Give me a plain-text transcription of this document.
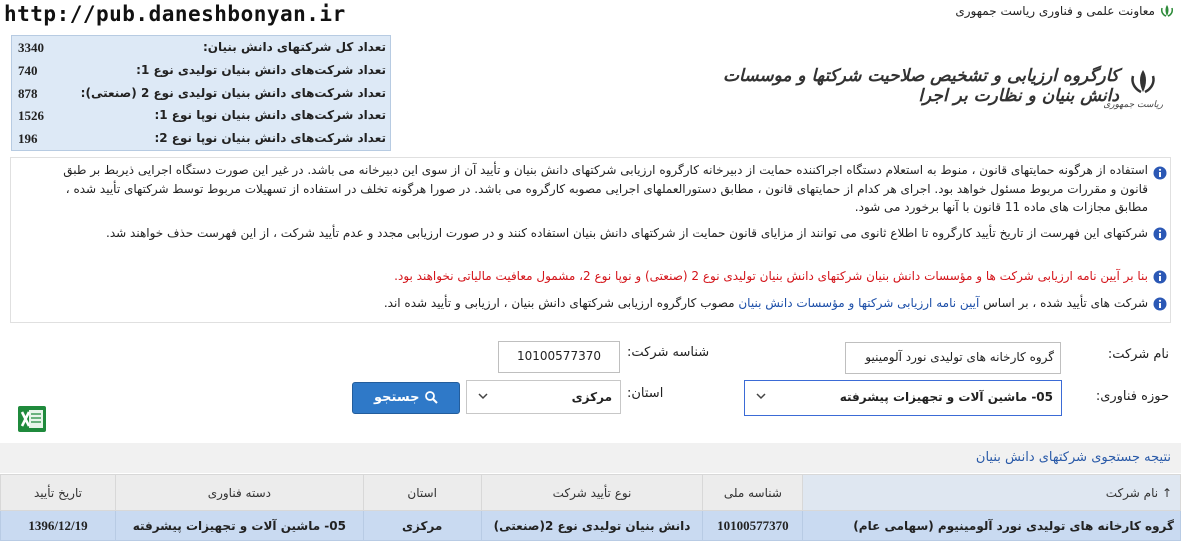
http://pub.daneshbonyan.ir	معاونت علمی و فناوری ریاست جمهوری
تعداد کل شرکتهای دانش بنیان:
3340
تعداد شرکت‌های دانش بنیان تولیدی نوع 1:
740
تعداد شرکت‌های دانش بنیان تولیدی نوع 2 (صنعتی):
878
تعداد شرکت‌های دانش بنیان نوپا نوع 1:
1526
تعداد شرکت‌های دانش بنیان نوپا نوع 2:
196
کارگروه ارزیابی و تشخیص صلاحیت شرکتها و موسسات دانش بنیان و نظارت بر اجرا
ریاست جمهوری
استفاده از هرگونه حمایتهای قانون ، منوط به استعلام دستگاه اجراکننده حمایت از دبیرخانه کارگروه ارزیابی شرکتهای دانش بنیان و تأیید آن از سوی این دبیرخانه می باشد. در غیر این صورت دستگاه اجرایی ذیربط بر طبق قانون و مقررات مربوط مسئول خواهد بود. اجرای هر کدام از حمایتهای قانون ، مطابق دستورالعملهای اجرایی مصوبه کارگروه می باشد. در صورا هرگونه تخلف در استفاده از تسهیلات مربوط توسط شرکتهای تأیید شده ، مطابق مجازات های ماده 11 قانون با آنها برخورد می شود.
شرکتهای این فهرست از تاریخ تأیید کارگروه تا اطلاع ثانوی می توانند از مزایای قانون حمایت از شرکتهای دانش بنیان استفاده کنند و در صورت ارزیابی مجدد و عدم تأیید شرکت ، از این فهرست حذف خواهند شد.
بنا بر آیین نامه ارزیابی شرکت ها و مؤسسات دانش بنیان شرکتهای دانش بنیان تولیدی نوع 2 (صنعتی) و نوپا نوع 2، مشمول معافیت مالیاتی نخواهند بود.
شرکت های تأیید شده ، بر اساس آیین نامه ارزیابی شرکتها و مؤسسات دانش بنیان مصوب کارگروه ارزیابی شرکتهای دانش بنیان ، ارزیابی و تأیید شده اند.
نام شرکت:
گروه کارخانه های تولیدی نورد آلومینیو
شناسه شرکت:
10100577370
حوزه فناوری:
05- ماشین آلات و تجهیزات پیشرفته
استان:
مرکزی
جستجو
نتیجه جستجوی شرکتهای دانش بنیان
↑ نام شرکت	شناسه ملی	نوع تأیید شرکت	استان	دسته فناوری	تاریخ تأیید
گروه کارخانه های تولیدی نورد آلومینیوم (سهامی عام)	10100577370	دانش بنیان تولیدی نوع 2(صنعتی)	مرکزی	05- ماشین آلات و تجهیزات پیشرفته	1396/12/19
